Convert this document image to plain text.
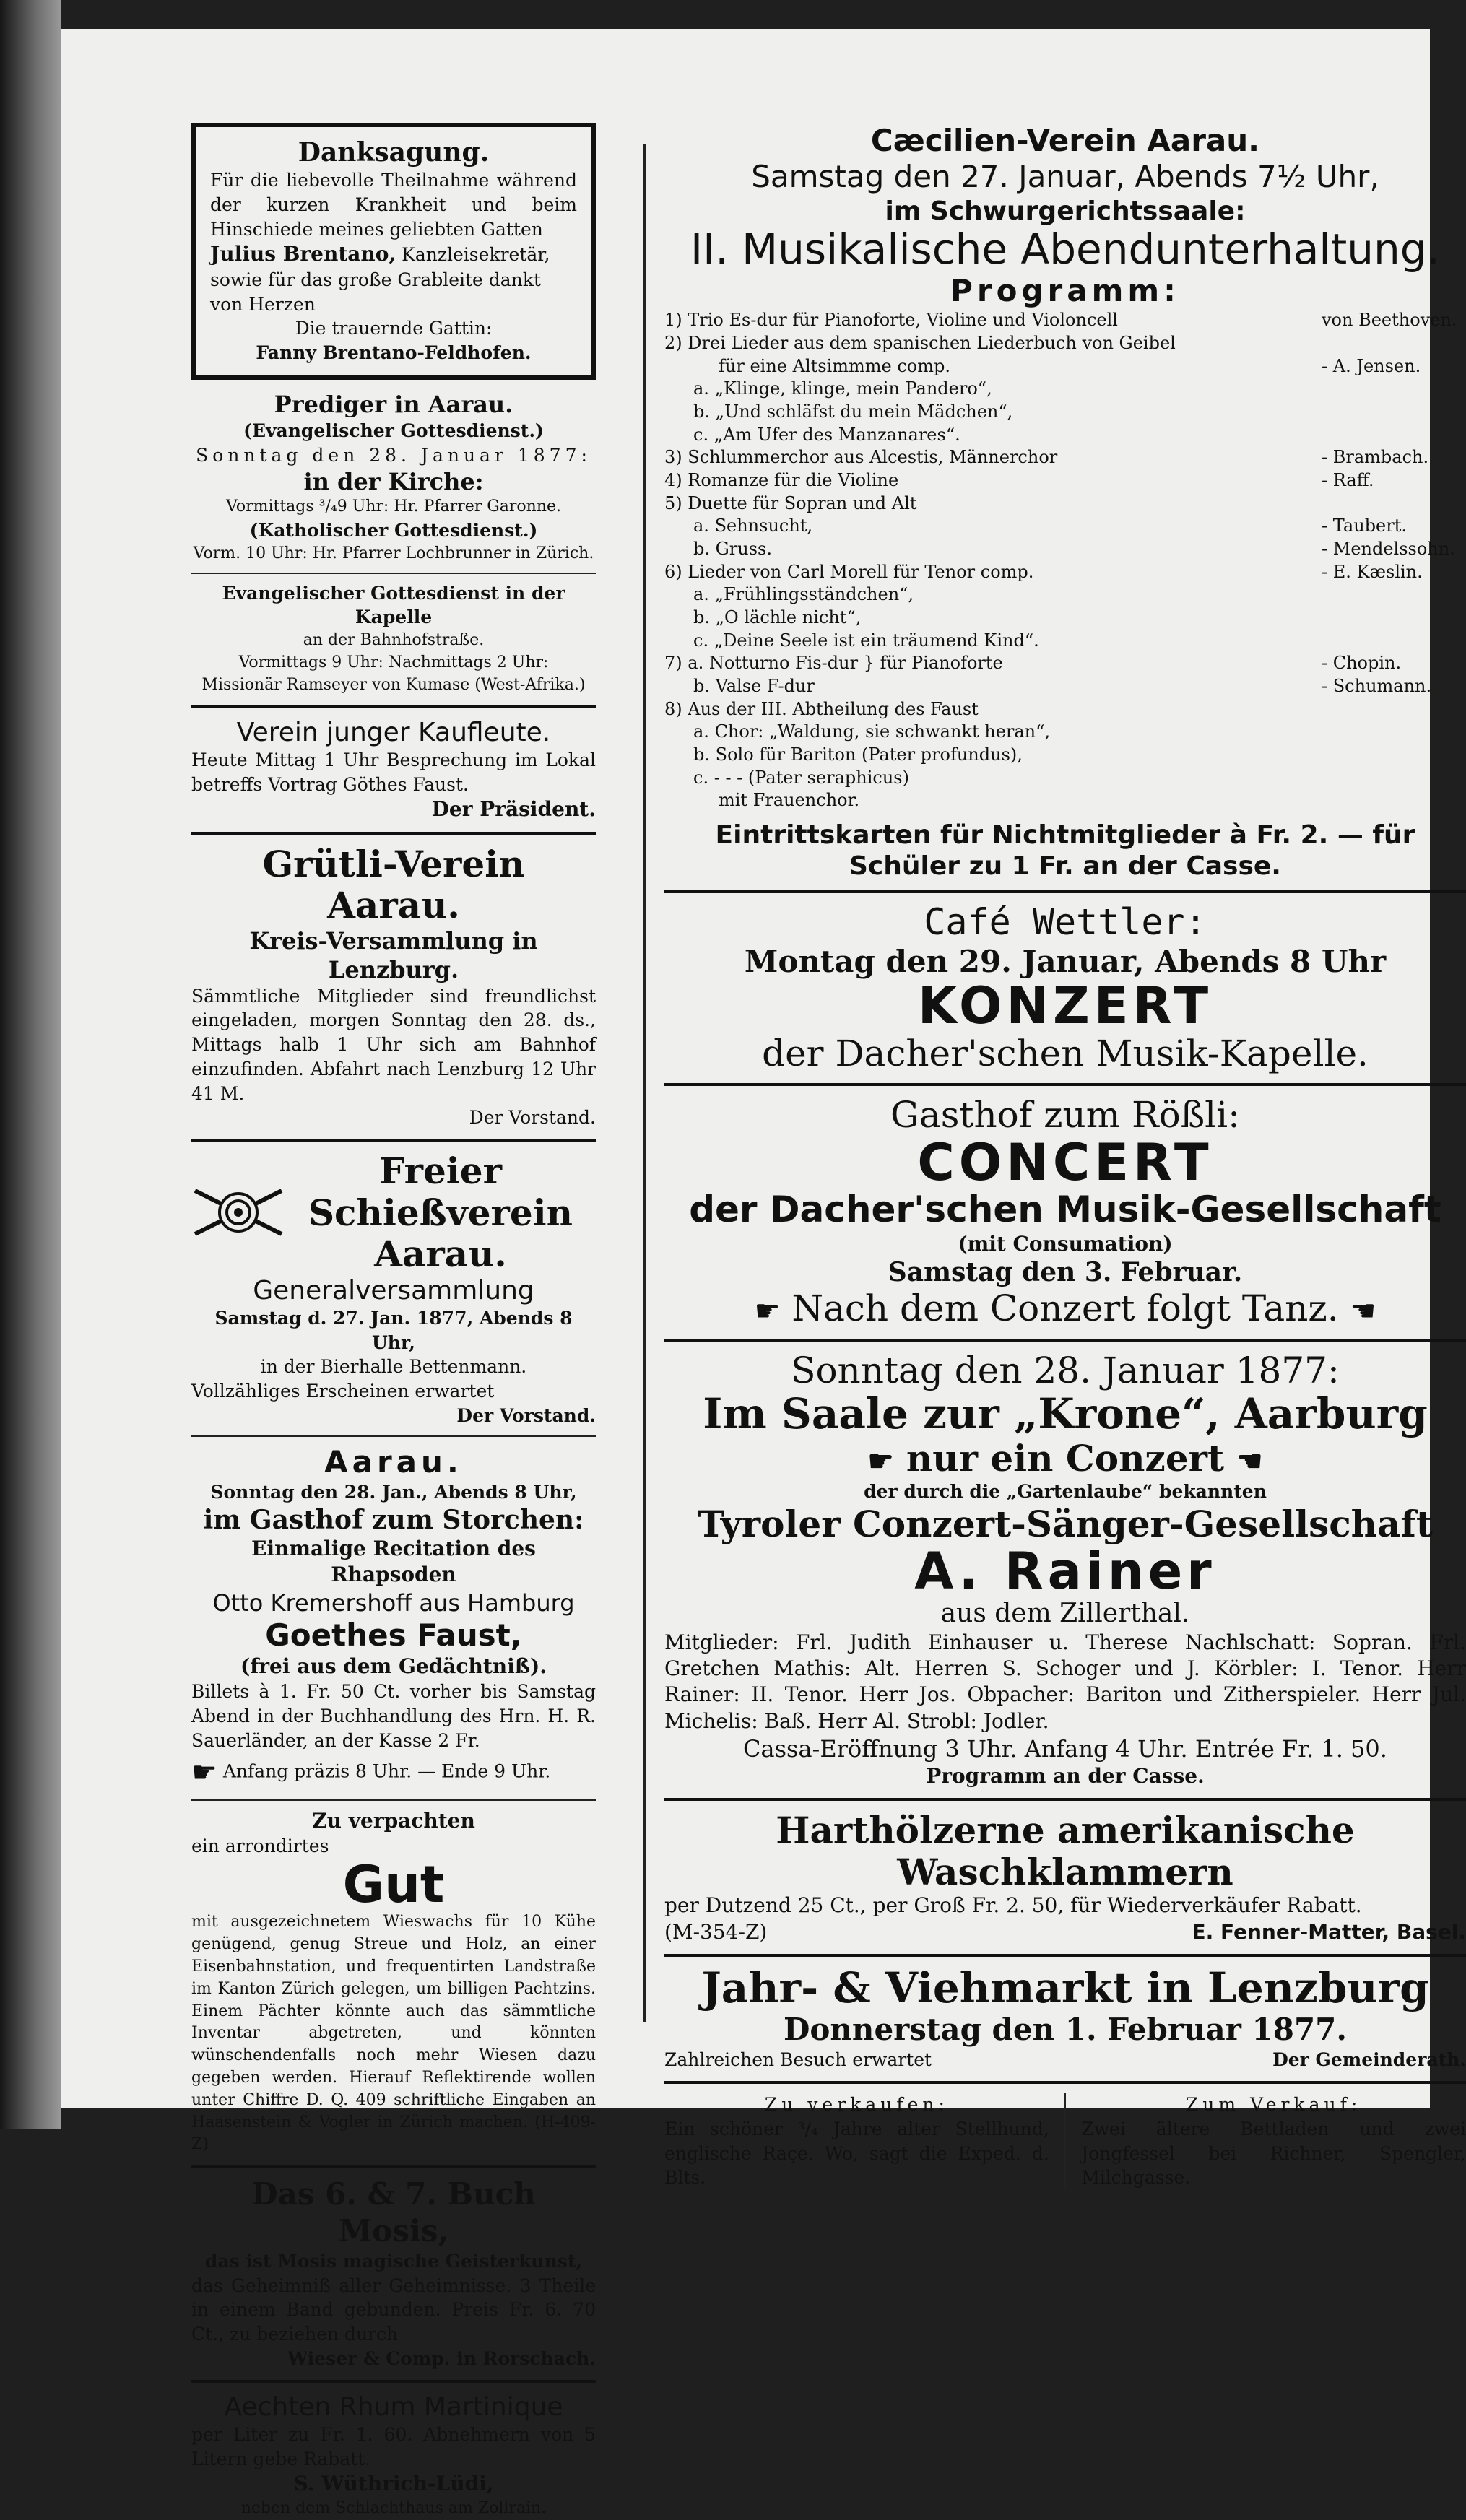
Danksagung.
Für die liebevolle Theilnahme während der kurzen Krankheit und beim Hinschiede meines geliebten Gatten
Julius Brentano, Kanzleisekretär,
sowie für das große Grableite dankt von Herzen
Die trauernde Gattin:
Fanny Brentano-Feldhofen.
Prediger in Aarau.
(Evangelischer Gottesdienst.)
Sonntag den 28. Januar 1877:
in der Kirche:
Vormittags ³/₄9 Uhr: Hr. Pfarrer Garonne.
(Katholischer Gottesdienst.)
Vorm. 10 Uhr: Hr. Pfarrer Lochbrunner in Zürich.
Evangelischer Gottesdienst in der Kapelle
an der Bahnhofstraße.
Vormittags 9 Uhr: Nachmittags 2 Uhr:
Missionär Ramseyer von Kumase (West-Afrika.)
Verein junger Kaufleute.
Heute Mittag 1 Uhr Besprechung im Lokal betreffs Vortrag Göthes Faust.
Der Präsident.
Grütli-Verein Aarau.
Kreis-Versammlung in Lenzburg.
Sämmtliche Mitglieder sind freundlichst eingeladen, morgen Sonntag den 28. ds., Mittags halb 1 Uhr sich am Bahnhof einzufinden. Abfahrt nach Lenzburg 12 Uhr 41 M.
Der Vorstand.
Freier Schießverein
Aarau.
Generalversammlung
Samstag d. 27. Jan. 1877, Abends 8 Uhr,
in der Bierhalle Bettenmann.
Vollzähliges Erscheinen erwartet
Der Vorstand.
Aarau.
Sonntag den 28. Jan., Abends 8 Uhr,
im Gasthof zum Storchen:
Einmalige Recitation des Rhapsoden
Otto Kremershoff aus Hamburg
Goethes Faust,
(frei aus dem Gedächtniß).
Billets à 1. Fr. 50 Ct. vorher bis Samstag Abend in der Buchhandlung des Hrn. H. R. Sauerländer, an der Kasse 2 Fr.
☛ Anfang präzis 8 Uhr. — Ende 9 Uhr.
Zu verpachten
ein arrondirtes
Gut
mit ausgezeichnetem Wieswachs für 10 Kühe genügend, genug Streue und Holz, an einer Eisenbahnstation, und frequentirten Landstraße im Kanton Zürich gelegen, um billigen Pachtzins. Einem Pächter könnte auch das sämmtliche Inventar abgetreten, und könnten wünschendenfalls noch mehr Wiesen dazu gegeben werden. Hierauf Reflektirende wollen unter Chiffre D. Q. 409 schriftliche Eingaben an Haasenstein & Vogler in Zürich machen. (H-409-Z)
Das 6. & 7. Buch Mosis,
das ist Mosis magische Geisterkunst,
das Geheimniß aller Geheimnisse. 3 Theile in einem Band gebunden. Preis Fr. 6. 70 Ct., zu beziehen durch
Wieser & Comp. in Rorschach.
Aechten Rhum Martinique
per Liter zu Fr. 1. 60. Abnehmern von 5 Litern gebe Rabatt.
S. Wüthrich-Lüdi,
neben dem Schlachthaus am Zollrain.
Cæcilien-Verein Aarau.
Samstag den 27. Januar, Abends 7½ Uhr,
im Schwurgerichtssaale:
II. Musikalische Abendunterhaltung.
Programm:
1) Trio Es-dur für Pianoforte, Violine und Violoncell	von Beethoven.
2) Drei Lieder aus dem spanischen Liederbuch von Geibel
für eine Altsimmme comp.	- A. Jensen.
a. „Klinge, klinge, mein Pandero“,
b. „Und schläfst du mein Mädchen“,
c. „Am Ufer des Manzanares“.
3) Schlummerchor aus Alcestis, Männerchor	- Brambach.
4) Romanze für die Violine	- Raff.
5) Duette für Sopran und Alt
a. Sehnsucht,	- Taubert.
b. Gruss.	- Mendelssohn.
6) Lieder von Carl Morell für Tenor comp.	- E. Kæslin.
a. „Frühlingsständchen“,
b. „O lächle nicht“,
c. „Deine Seele ist ein träumend Kind“.
7) a. Notturno Fis-dur } für Pianoforte	- Chopin.
b. Valse F-dur	- Schumann.
8) Aus der III. Abtheilung des Faust
a. Chor: „Waldung, sie schwankt heran“,
b. Solo für Bariton (Pater profundus),
c. - - - (Pater seraphicus)
mit Frauenchor.
Eintrittskarten für Nichtmitglieder à Fr. 2. — für Schüler zu 1 Fr. an der Casse.
Café Wettler:
Montag den 29. Januar, Abends 8 Uhr
KONZERT
der Dacher'schen Musik-Kapelle.
Gasthof zum Rößli:
CONCERT
der Dacher'schen Musik-Gesellschaft
(mit Consumation)
Samstag den 3. Februar.
☛ Nach dem Conzert folgt Tanz. ☚
Sonntag den 28. Januar 1877:
Im Saale zur „Krone“, Aarburg
☛ nur ein Conzert ☚
der durch die „Gartenlaube“ bekannten
Tyroler Conzert-Sänger-Gesellschaft
A. Rainer
aus dem Zillerthal.
Mitglieder: Frl. Judith Einhauser u. Therese Nachlschatt: Sopran. Frl. Gretchen Mathis: Alt. Herren S. Schoger und J. Körbler: I. Tenor. Herr Rainer: II. Tenor. Herr Jos. Obpacher: Bariton und Zitherspieler. Herr Jul. Michelis: Baß. Herr Al. Strobl: Jodler.
Cassa-Eröffnung 3 Uhr. Anfang 4 Uhr. Entrée Fr. 1. 50.
Programm an der Casse.
Harthölzerne amerikanische Waschklammern
per Dutzend 25 Ct., per Groß Fr. 2. 50, für Wiederverkäufer Rabatt.
(M-354-Z)	E. Fenner-Matter, Basel.
Jahr- & Viehmarkt in Lenzburg
Donnerstag den 1. Februar 1877.
Zahlreichen Besuch erwartet	Der Gemeinderath.
Zu verkaufen:
Ein schöner ³/₄ Jahre alter Stellhund, englische Raçe. Wo, sagt die Exped. d. Blts.
Zum Verkauf:
Zwei ältere Bettladen und zwei Jongfessel bei Richner, Spengler, Milchgasse.
